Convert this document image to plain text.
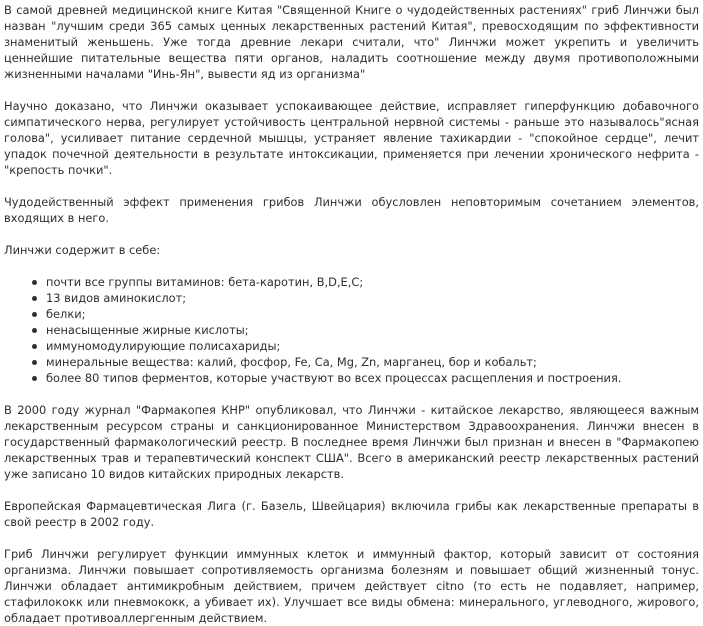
В самой древней медицинской книге Китая "Священной Книге о чудодейственных растениях" гриб Линчжи был назван "лучшим среди 365 самых ценных лекарственных растений Китая", превосходящим по эффективности знаменитый женьшень. Уже тогда древние лекари считали, что" Линчжи может укрепить и увеличить ценнейшие питательные вещества пяти органов, наладить соотношение между двумя противоположными жизненными началами "Инь-Ян", вывести яд из организма"

Научно доказано, что Линчжи оказывает успокаивающее действие, исправляет гиперфункцию добавочного симпатического нерва, регулирует устойчивость центральной нервной системы - раньше это называлось"ясная голова", усиливает питание сердечной мышцы, устраняет явление тахикардии - "спокойное сердце", лечит упадок почечной деятельности в результате интоксикации, применяется при лечении хронического нефрита - "крепость почки".

Чудодейственный эффект применения грибов Линчжи обусловлен неповторимым сочетанием элементов, входящих в него.

Линчжи содержит в себе:

почти все группы витаминов: бета-каротин, B,D,E,C;
13 видов аминокислот;
белки;
ненасыщенные жирные кислоты;
иммуномодулирующие полисахариды;
минеральные вещества: калий, фосфор, Fe, Ca, Mg, Zn, марганец, бор и кобальт;
более 80 типов ферментов, которые участвуют во всех процессах расщепления и построения.

В 2000 году журнал "Фармакопея КНР" опубликовал, что Линчжи - китайское лекарство, являющееся важным лекарственным ресурсом страны и санкционированное Министерством Здравоохранения. Линчжи внесен в государственный фармакологический реестр. В последнее время Линчжи был признан и внесен в "Фармакопею лекарственных трав и терапевтический конспект США". Всего в американский реестр лекарственных растений уже записано 10 видов китайских природных лекарств.

Европейская Фармацевтическая Лига (г. Базель, Швейцария) включила грибы как лекарственные препараты в свой реестр в 2002 году.

Гриб Линчжи регулирует функции иммунных клеток и иммунный фактор, который зависит от состояния организма. Линчжи повышает сопротивляемость организма болезням и повышает общий жизненный тонус. Линчжи обладает антимикробным действием, причем действует citno (то есть не подавляет, например, стафилококк или пневмококк, а убивает их). Улучшает все виды обмена: минерального, углеводного, жирового, обладает противоаллергенным действием.
